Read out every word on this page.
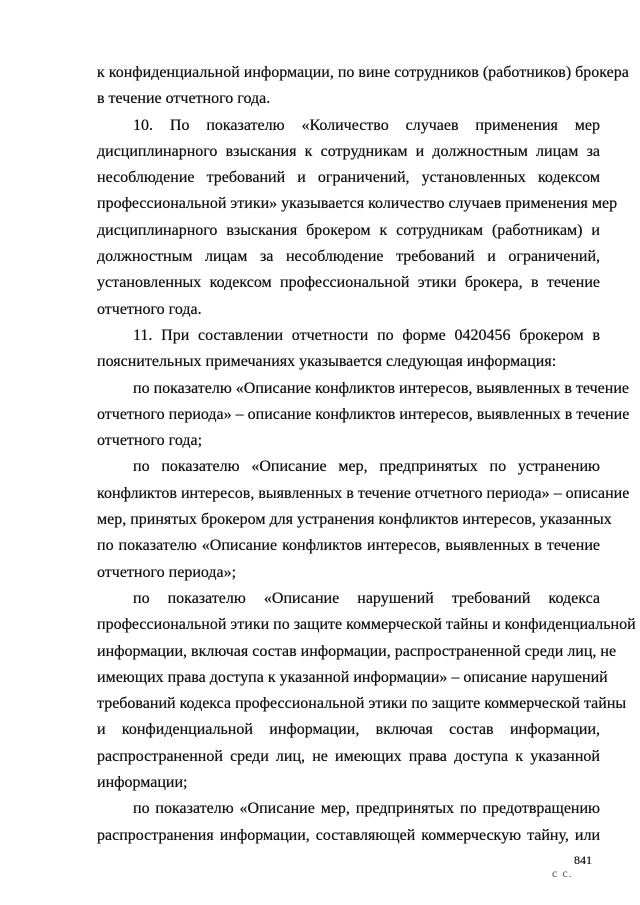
к конфиденциальной информации, по вине сотрудников (работников) брокера
в течение отчетного года.
10. По показателю «Количество случаев применения мер
дисциплинарного взыскания к сотрудникам и должностным лицам за
несоблюдение требований и ограничений, установленных кодексом
профессиональной этики» указывается количество случаев применения мер
дисциплинарного взыскания брокером к сотрудникам (работникам) и
должностным лицам за несоблюдение требований и ограничений,
установленных кодексом профессиональной этики брокера, в течение
отчетного года.
11. При составлении отчетности по форме 0420456 брокером в
пояснительных примечаниях указывается следующая информация:
по показателю «Описание конфликтов интересов, выявленных в течение
отчетного периода» – описание конфликтов интересов, выявленных в течение
отчетного года;
по показателю «Описание мер, предпринятых по устранению
конфликтов интересов, выявленных в течение отчетного периода» – описание
мер, принятых брокером для устранения конфликтов интересов, указанных
по показателю «Описание конфликтов интересов, выявленных в течение
отчетного периода»;
по показателю «Описание нарушений требований кодекса
профессиональной этики по защите коммерческой тайны и конфиденциальной
информации, включая состав информации, распространенной среди лиц, не
имеющих права доступа к указанной информации» – описание нарушений
требований кодекса профессиональной этики по защите коммерческой тайны
и конфиденциальной информации, включая состав информации,
распространенной среди лиц, не имеющих права доступа к указанной
информации;
по показателю «Описание мер, предпринятых по предотвращению
распространения информации, составляющей коммерческую тайну, или
с с.
841
